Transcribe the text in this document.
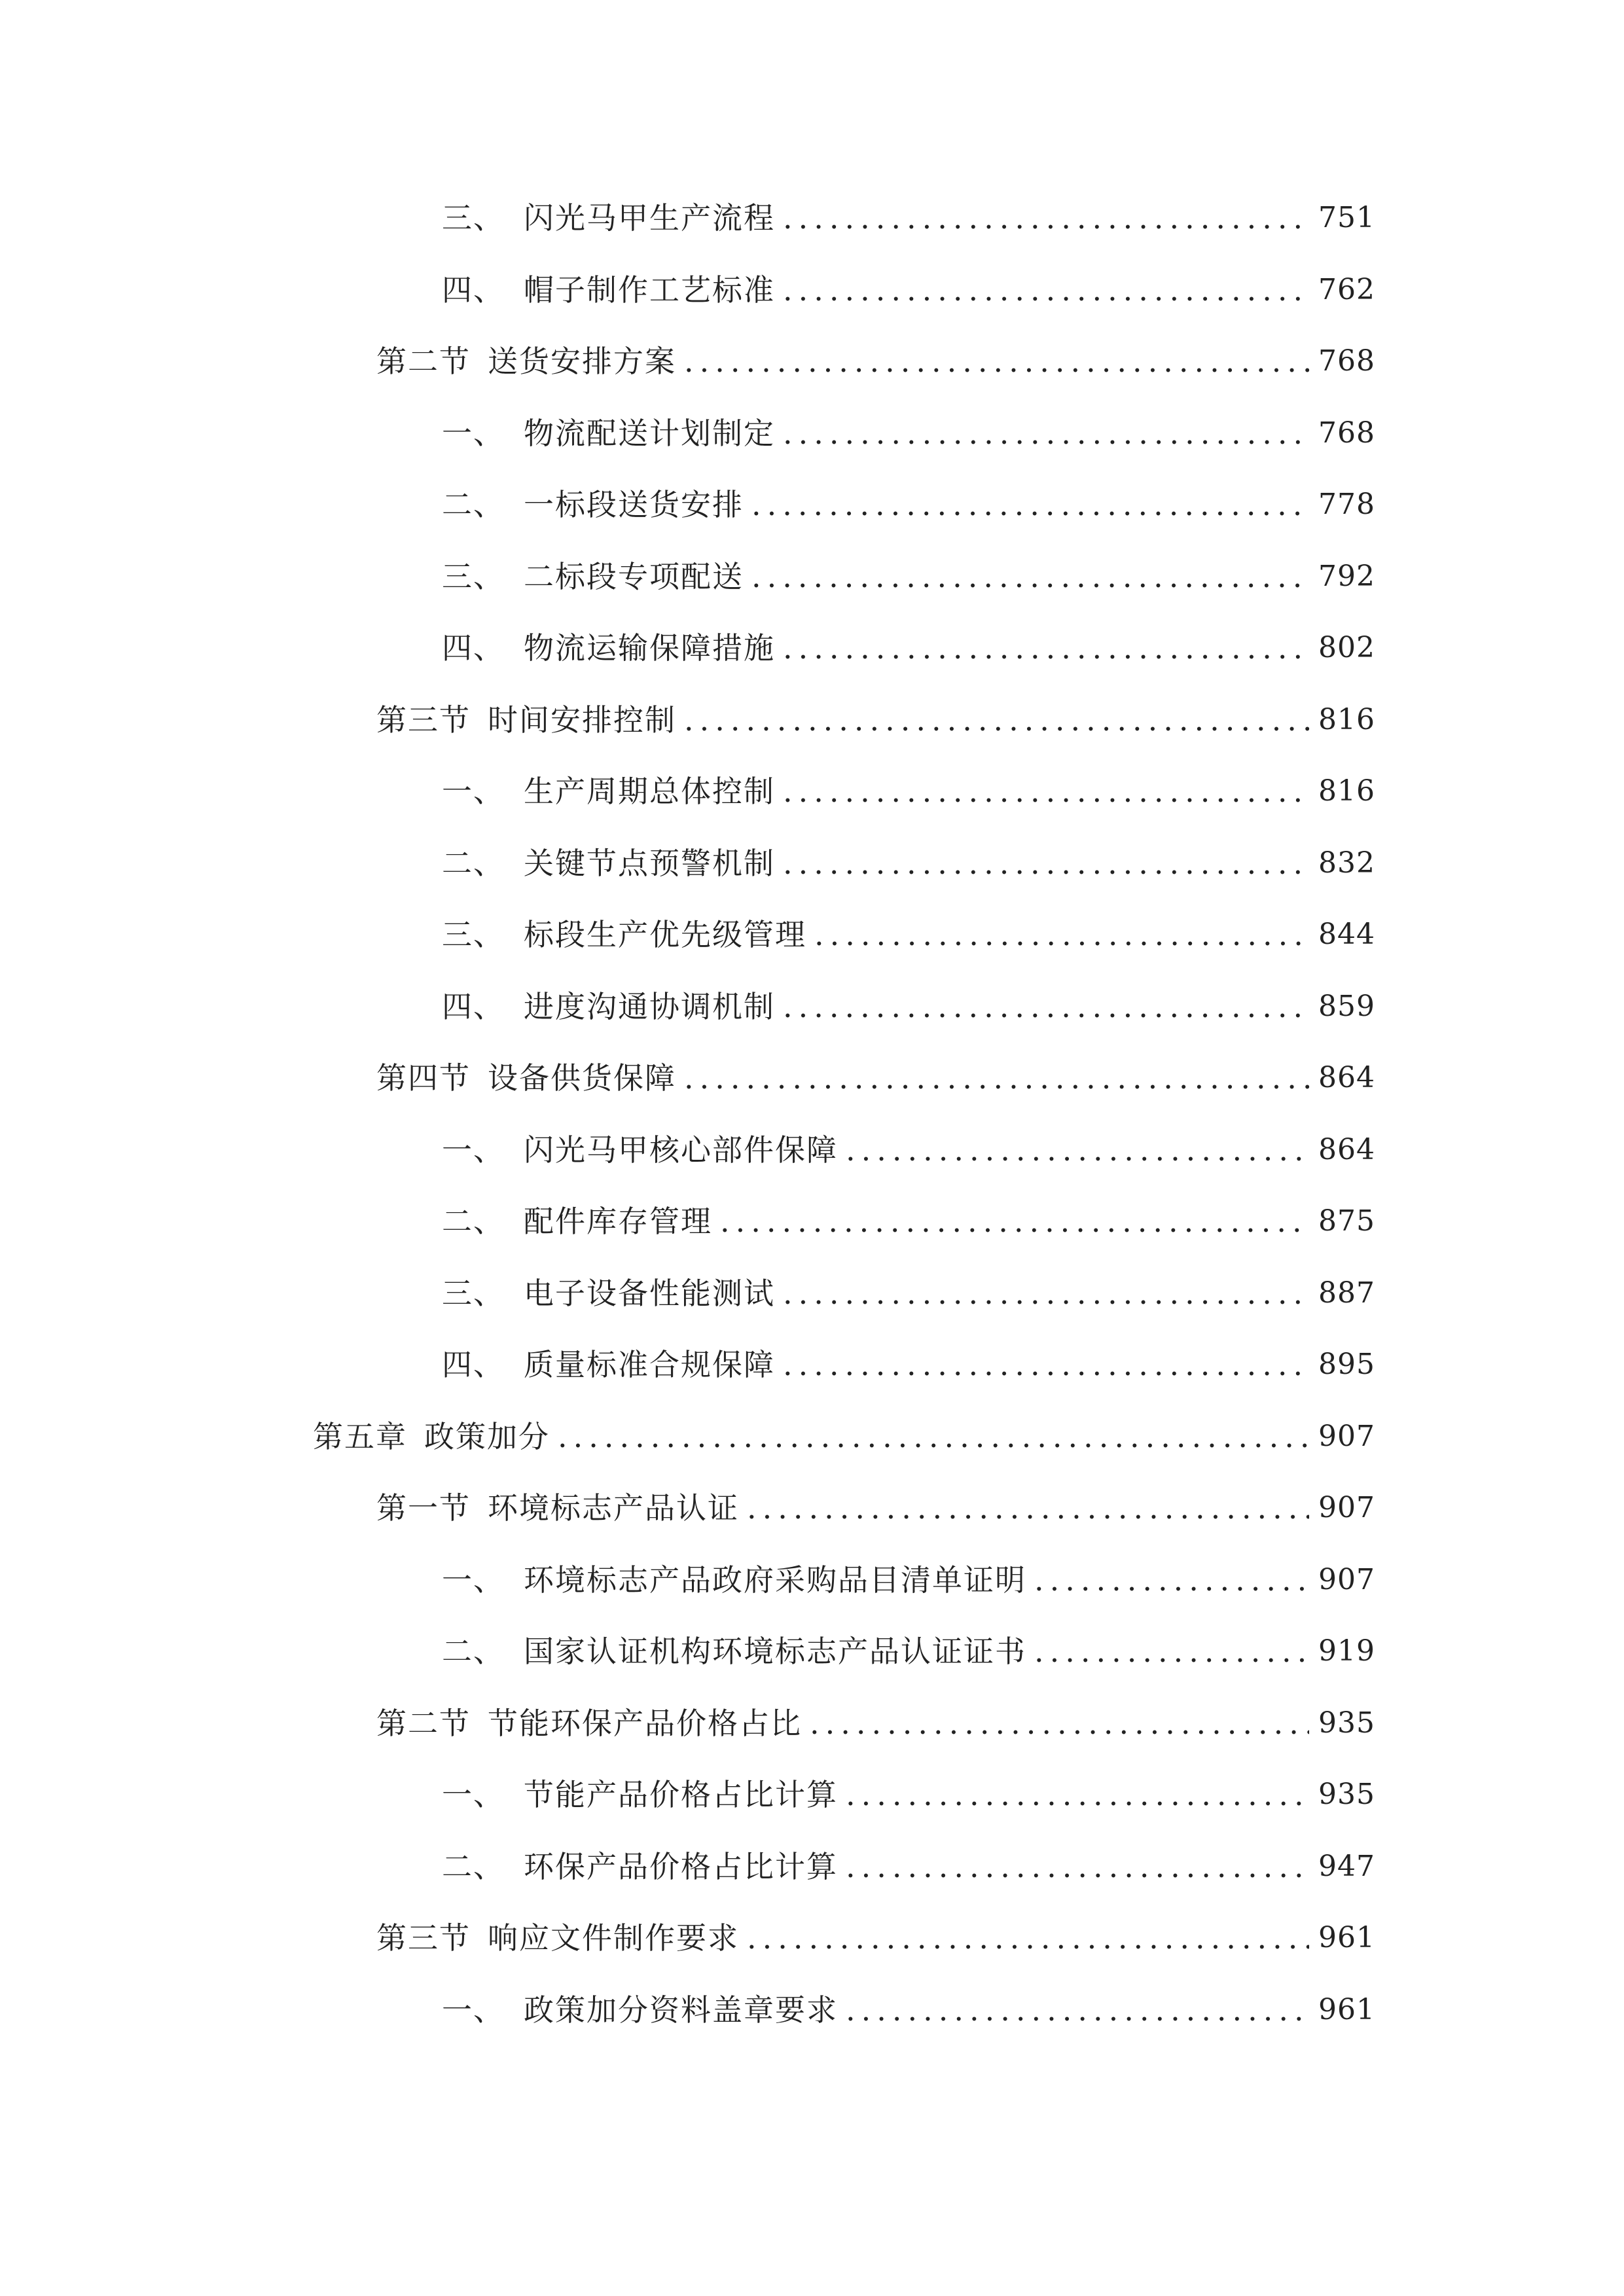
三、 闪光马甲生产流程 .....	751
四、 帽子制作工艺标准 .....	762
第二节 送货安排方案 .....	768
一、 物流配送计划制定 .....	768
二、 一标段送货安排 .....	778
三、 二标段专项配送 .....	792
四、 物流运输保障措施 .....	802
第三节 时间安排控制 .....	816
一、 生产周期总体控制 .....	816
二、 关键节点预警机制 .....	832
三、 标段生产优先级管理 .....	844
四、 进度沟通协调机制 .....	859
第四节 设备供货保障 .....	864
一、 闪光马甲核心部件保障 .....	864
二、 配件库存管理 .....	875
三、 电子设备性能测试 .....	887
四、 质量标准合规保障 .....	895
第五章 政策加分 .....	907
第一节 环境标志产品认证 .....	907
一、 环境标志产品政府采购品目清单证明 .....	907
二、 国家认证机构环境标志产品认证证书 .....	919
第二节 节能环保产品价格占比 .....	935
一、 节能产品价格占比计算 .....	935
二、 环保产品价格占比计算 .....	947
第三节 响应文件制作要求 .....	961
一、 政策加分资料盖章要求 .....	961
